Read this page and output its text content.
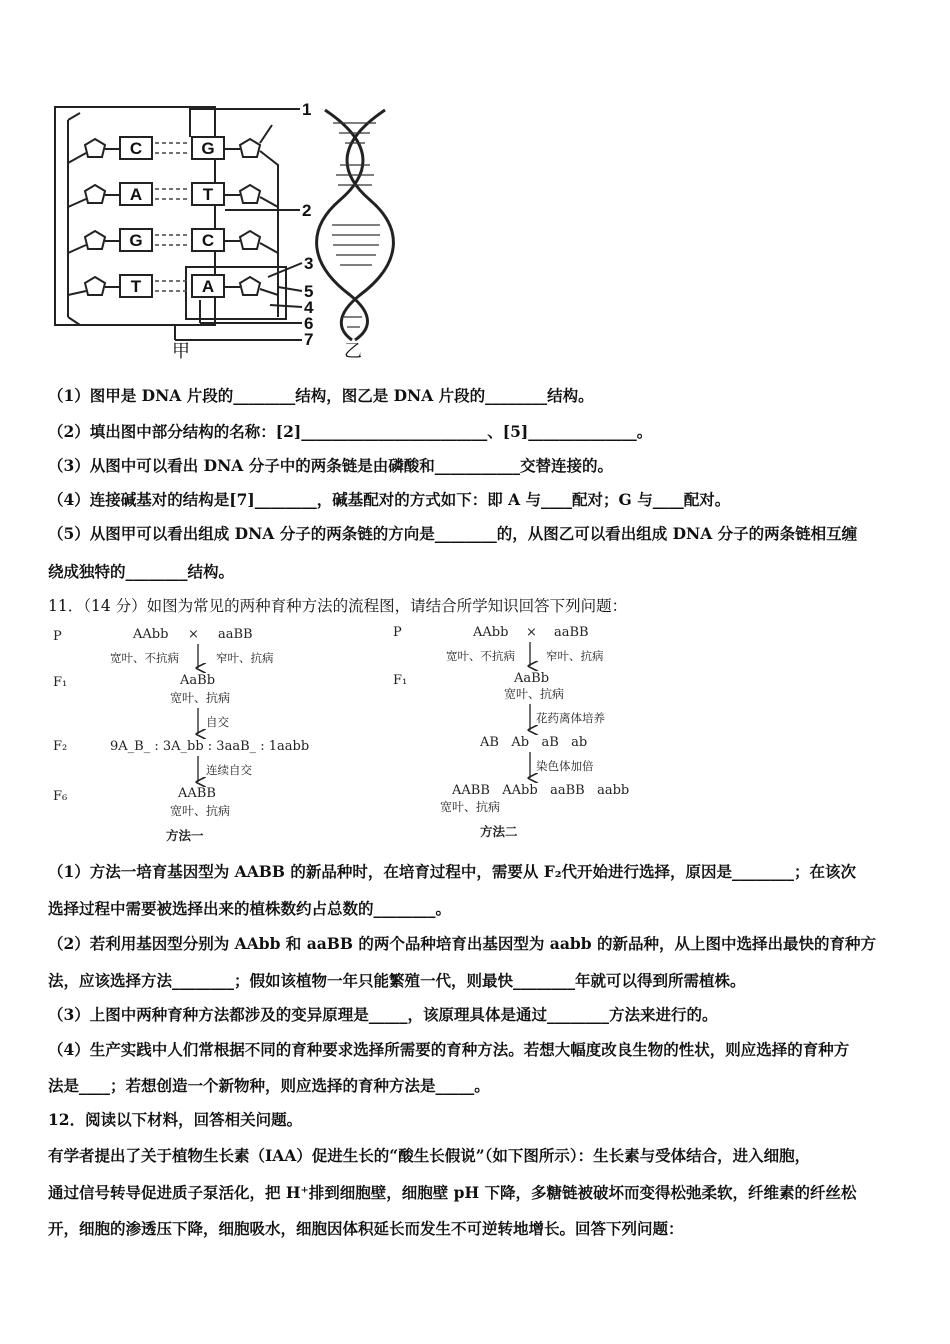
C
A
G
T
G
T
C
A
1
2
3
5
4
6
7
甲	乙
（1）图甲是 DNA 片段的________结构，图乙是 DNA 片段的________结构。
（2）填出图中部分结构的名称：[2]________________________、[5]______________。
（3）从图中可以看出 DNA 分子中的两条链是由磷酸和___________交替连接的。
（4）连接碱基对的结构是[7]________，碱基配对的方式如下：即 A 与____配对；G 与____配对。
（5）从图甲可以看出组成 DNA 分子的两条链的方向是________的，从图乙可以看出组成 DNA 分子的两条链相互缠
绕成独特的________结构。
11．（14 分）如图为常见的两种育种方法的流程图，请结合所学知识回答下列问题：
P
F₁
F₂
F₆
AAbb × aaBB
宽叶、不抗病	窄叶、抗病
AaBb
宽叶、抗病
自交
9A_B_ : 3A_bb : 3aaB_ : 1aabb
连续自交
AABB
宽叶、抗病
方法一
P
F₁
AAbb × aaBB
宽叶、不抗病	窄叶、抗病
AaBb
宽叶、抗病
花药离体培养
AB   Ab   aB   ab
染色体加倍
AABB   AAbb   aaBB   aabb
宽叶、抗病
方法二
（1）方法一培育基因型为 AABB 的新品种时，在培育过程中，需要从 F₂代开始进行选择，原因是________；在该次
选择过程中需要被选择出来的植株数约占总数的________。
（2）若利用基因型分别为 AAbb 和 aaBB 的两个品种培育出基因型为 aabb 的新品种，从上图中选择出最快的育种方
法，应该选择方法________；假如该植物一年只能繁殖一代，则最快________年就可以得到所需植株。
（3）上图中两种育种方法都涉及的变异原理是_____，该原理具体是通过________方法来进行的。
（4）生产实践中人们常根据不同的育种要求选择所需要的育种方法。若想大幅度改良生物的性状，则应选择的育种方
法是____；若想创造一个新物种，则应选择的育种方法是_____。
12．阅读以下材料，回答相关问题。
有学者提出了关于植物生长素（IAA）促进生长的“酸生长假说”（如下图所示）：生长素与受体结合，进入细胞，
通过信号转导促进质子泵活化，把 H⁺排到细胞壁，细胞壁 pH 下降，多糖链被破坏而变得松弛柔软，纤维素的纤丝松
开，细胞的渗透压下降，细胞吸水，细胞因体积延长而发生不可逆转地增长。回答下列问题：
